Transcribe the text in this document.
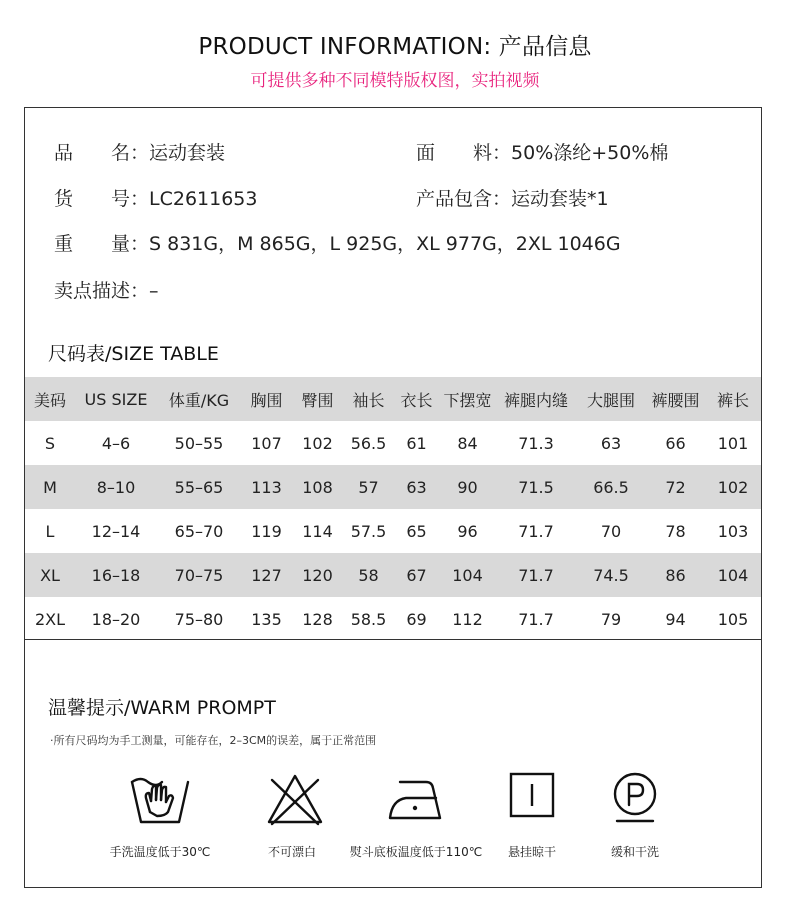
PRODUCT INFORMATION: 产品信息
可提供多种不同模特版权图，实拍视频
品　　名：运动套装	面　　料：50%涤纶+50%棉
货　　号：LC2611653	产品包含：运动套装*1
重　　量：S 831G，M 865G，L 925G，XL 977G，2XL 1046G
卖点描述：–
尺码表/SIZE TABLE
美码	US SIZE	体重/KG	胸围	臀围	袖长	衣长	下摆宽	裤腿内缝	大腿围	裤腰围	裤长
S	4–6	50–55	107	102	56.5	61	84	71.3	63	66	101
M	8–10	55–65	113	108	57	63	90	71.5	66.5	72	102
L	12–14	65–70	119	114	57.5	65	96	71.7	70	78	103
XL	16–18	70–75	127	120	58	67	104	71.7	74.5	86	104
2XL	18–20	75–80	135	128	58.5	69	112	71.7	79	94	105
温馨提示/WARM PROMPT
·所有尺码均为手工测量，可能存在，2–3CM的误差，属于正常范围
手洗温度低于30℃	不可漂白	熨斗底板温度低于110℃ 悬挂晾干	缓和干洗
